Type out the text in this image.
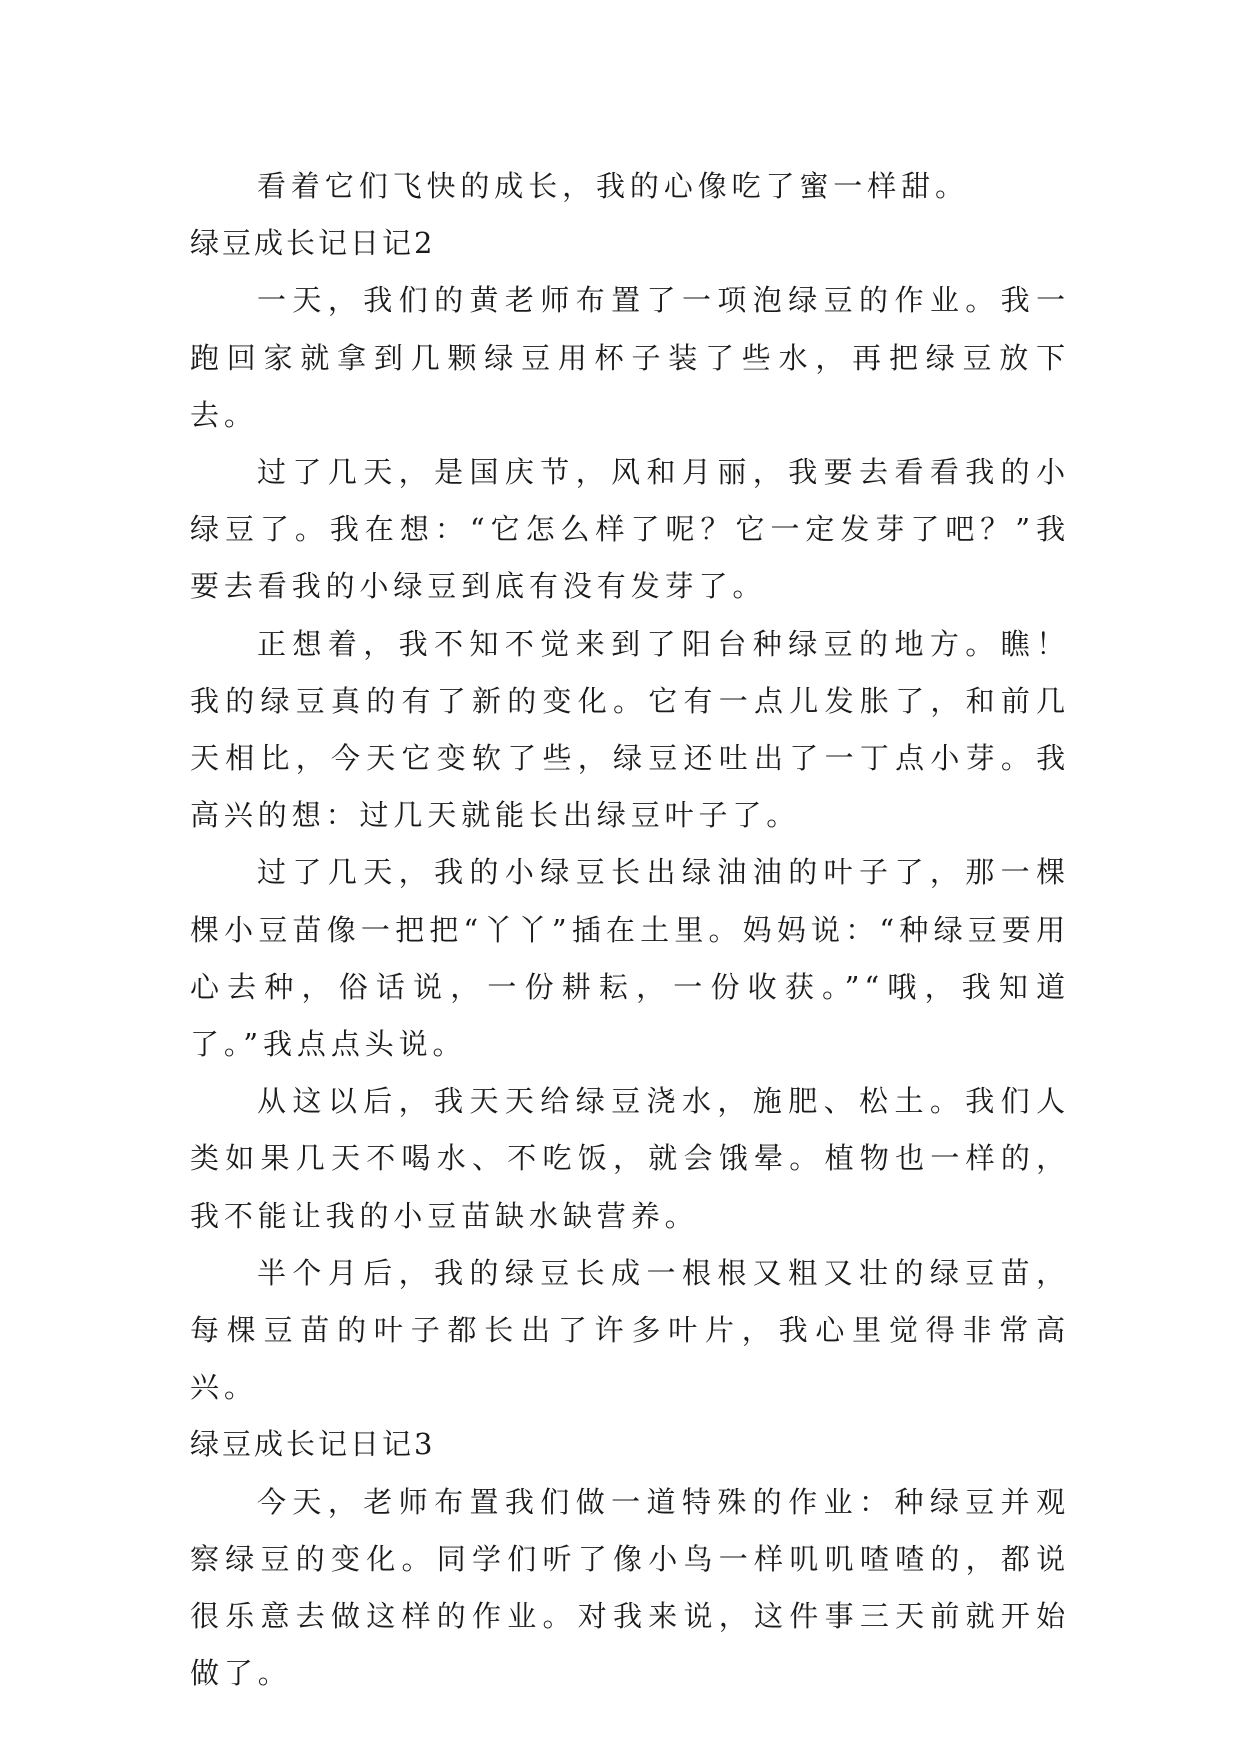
看着它们飞快的成长，我的心像吃了蜜一样甜。

绿豆成长记日记2

一天，我们的黄老师布置了一项泡绿豆的作业。我一跑回家就拿到几颗绿豆用杯子装了些水，再把绿豆放下去。

过了几天，是国庆节，风和月丽，我要去看看我的小绿豆了。我在想：“它怎么样了呢？它一定发芽了吧？”我要去看我的小绿豆到底有没有发芽了。

正想着，我不知不觉来到了阳台种绿豆的地方。瞧！我的绿豆真的有了新的变化。它有一点儿发胀了，和前几天相比，今天它变软了些，绿豆还吐出了一丁点小芽。我高兴的想：过几天就能长出绿豆叶子了。

过了几天，我的小绿豆长出绿油油的叶子了，那一棵棵小豆苗像一把把“丫丫”插在土里。妈妈说：“种绿豆要用心去种，俗话说，一份耕耘，一份收获。”“哦，我知道了。”我点点头说。

从这以后，我天天给绿豆浇水，施肥、松土。我们人类如果几天不喝水、不吃饭，就会饿晕。植物也一样的，我不能让我的小豆苗缺水缺营养。

半个月后，我的绿豆长成一根根又粗又壮的绿豆苗，每棵豆苗的叶子都长出了许多叶片，我心里觉得非常高兴。

绿豆成长记日记3

今天，老师布置我们做一道特殊的作业：种绿豆并观察绿豆的变化。同学们听了像小鸟一样叽叽喳喳的，都说很乐意去做这样的作业。对我来说，这件事三天前就开始做了。
